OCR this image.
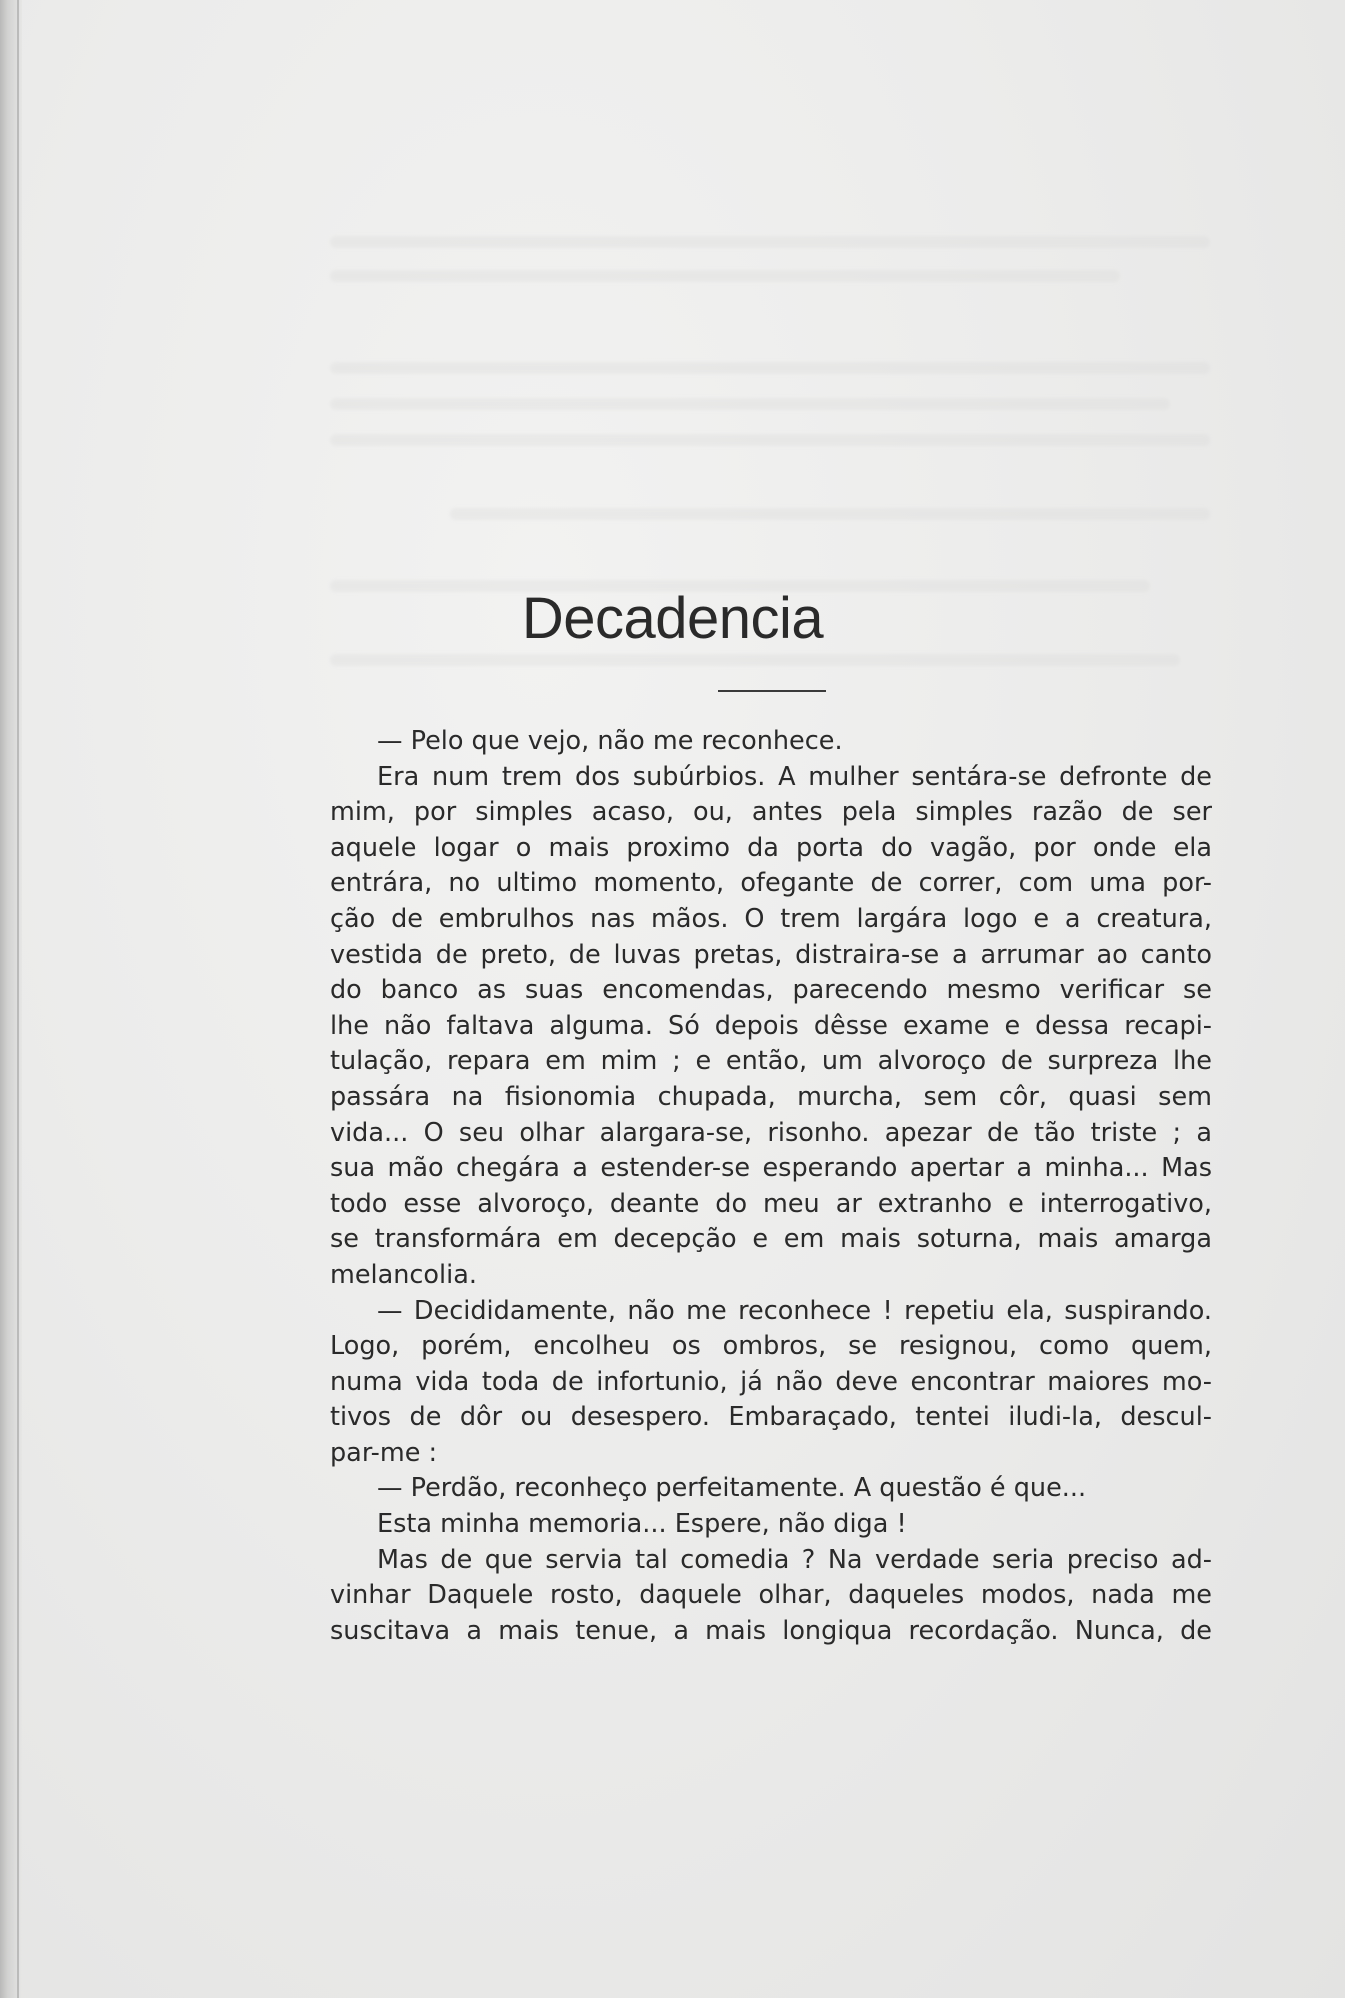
Decadencia
— Pelo que vejo, não me reconhece.
Era num trem dos subúrbios. A mulher sentára-se defronte de
mim, por simples acaso, ou, antes pela simples razão de ser
aquele logar o mais proximo da porta do vagão, por onde ela
entrára, no ultimo momento, ofegante de correr, com uma por-
ção de embrulhos nas mãos. O trem largára logo e a creatura,
vestida de preto, de luvas pretas, distraira-se a arrumar ao canto
do banco as suas encomendas, parecendo mesmo verificar se
lhe não faltava alguma. Só depois dêsse exame e dessa recapi-
tulação, repara em mim ; e então, um alvoroço de surpreza lhe
passára na fisionomia chupada, murcha, sem côr, quasi sem
vida... O seu olhar alargara-se, risonho. apezar de tão triste ; a
sua mão chegára a estender-se esperando apertar a minha... Mas
todo esse alvoroço, deante do meu ar extranho e interrogativo,
se transformára em decepção e em mais soturna, mais amarga
melancolia.
— Decididamente, não me reconhece ! repetiu ela, suspirando.
Logo, porém, encolheu os ombros, se resignou, como quem,
numa vida toda de infortunio, já não deve encontrar maiores mo-
tivos de dôr ou desespero. Embaraçado, tentei iludi-la, descul-
par-me :
— Perdão, reconheço perfeitamente. A questão é que...
Esta minha memoria... Espere, não diga !
Mas de que servia tal comedia ? Na verdade seria preciso ad-
vinhar Daquele rosto, daquele olhar, daqueles modos, nada me
suscitava a mais tenue, a mais longiqua recordação. Nunca, de
